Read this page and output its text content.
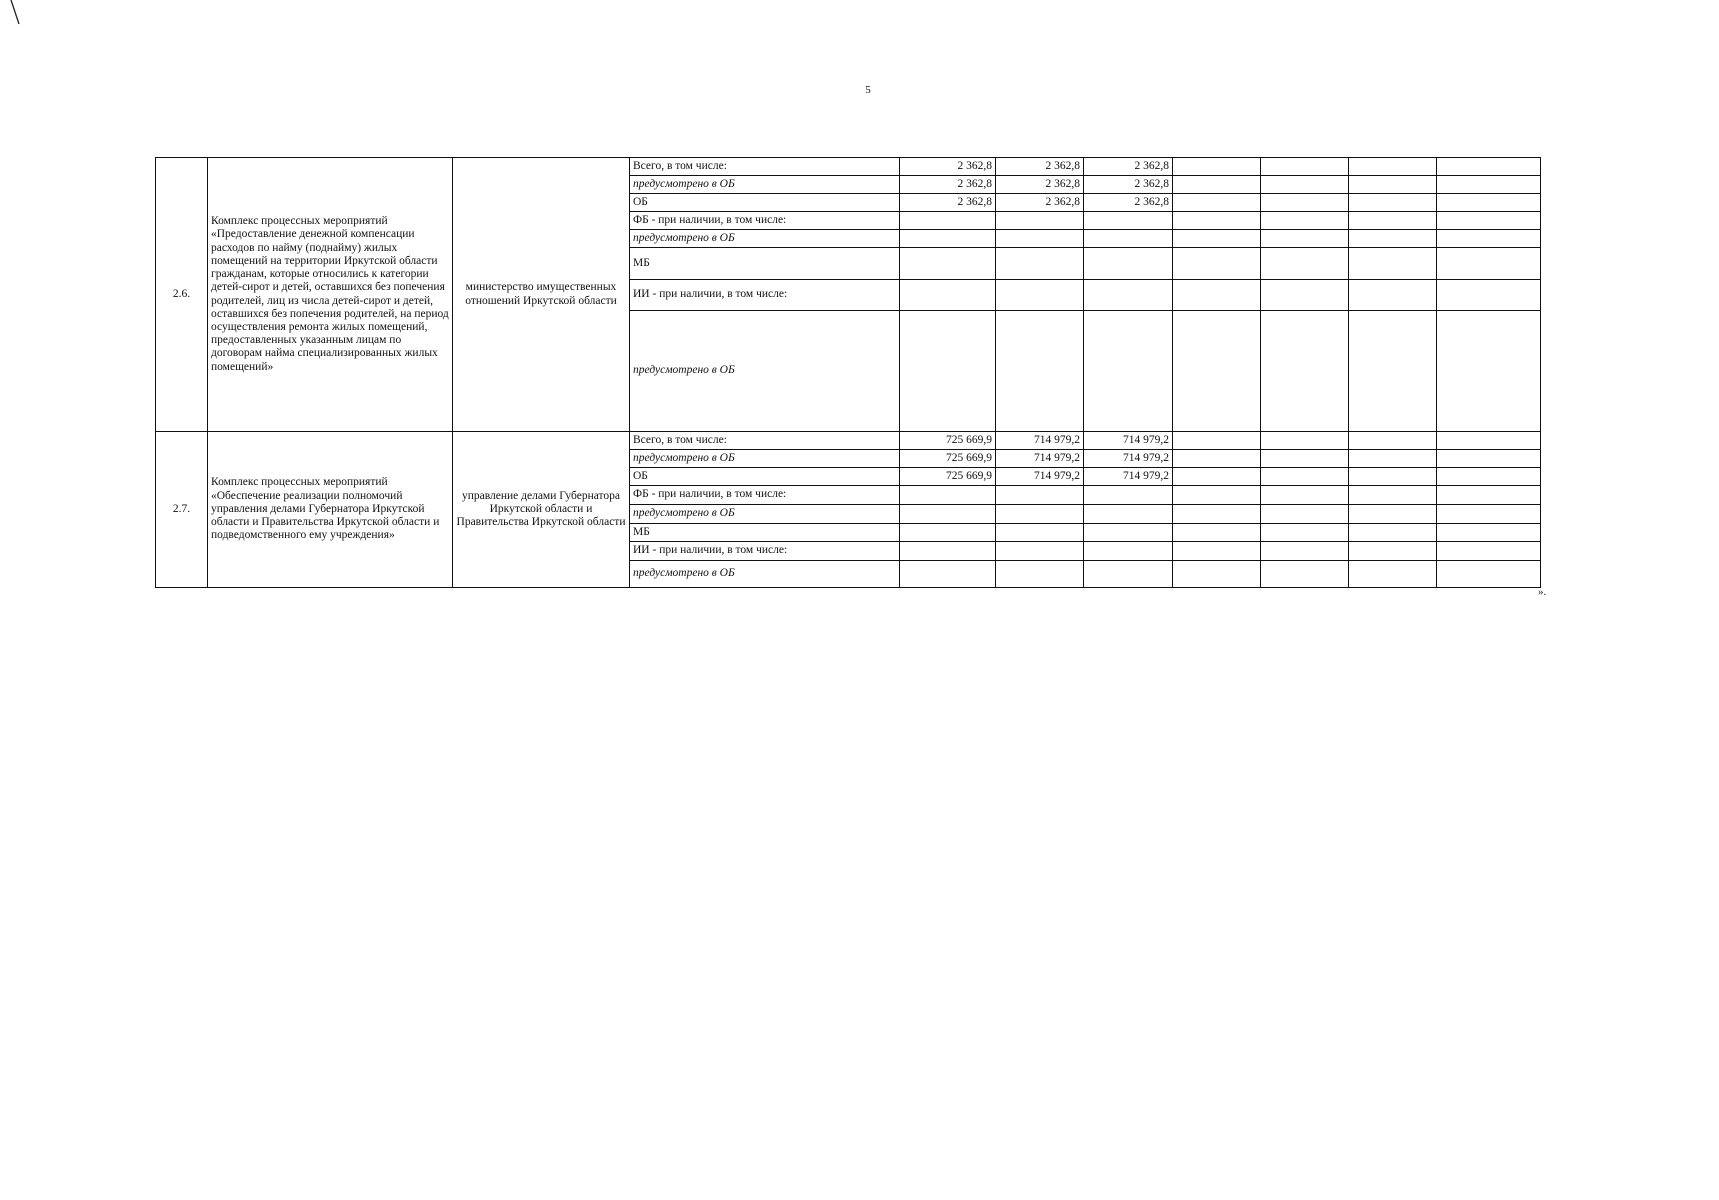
5
2.6.	Комплекс процессных мероприятий «Предоставление денежной компенсации расходов по найму (поднайму) жилых помещений на территории Иркутской области гражданам, которые относились к категории детей-сирот и детей, оставшихся без попечения родителей, лиц из числа детей-сирот и детей, оставшихся без попечения родителей, на период осуществления ремонта жилых помещений, предоставленных указанным лицам по договорам найма специализированных жилых помещений»	министерство имущественных отношений Иркутской области	Всего, в том числе:	2 362,8	2 362,8	2 362,8				
			предусмотрено в ОБ	2 362,8	2 362,8	2 362,8				
			ОБ	2 362,8	2 362,8	2 362,8				
			ФБ - при наличии, в том числе:							
			предусмотрено в ОБ							
			МБ							
			ИИ - при наличии, в том числе:							
			предусмотрено в ОБ							
2.7.	Комплекс процессных мероприятий «Обеспечение реализации полномочий управления делами Губернатора Иркутской области и Правительства Иркутской области и подведомственного ему учреждения»	управление делами Губернатора Иркутской области и Правительства Иркутской области	Всего, в том числе:	725 669,9	714 979,2	714 979,2				
			предусмотрено в ОБ	725 669,9	714 979,2	714 979,2				
			ОБ	725 669,9	714 979,2	714 979,2				
			ФБ - при наличии, в том числе:							
			предусмотрено в ОБ							
			МБ							
			ИИ - при наличии, в том числе:							
			предусмотрено в ОБ							
».
